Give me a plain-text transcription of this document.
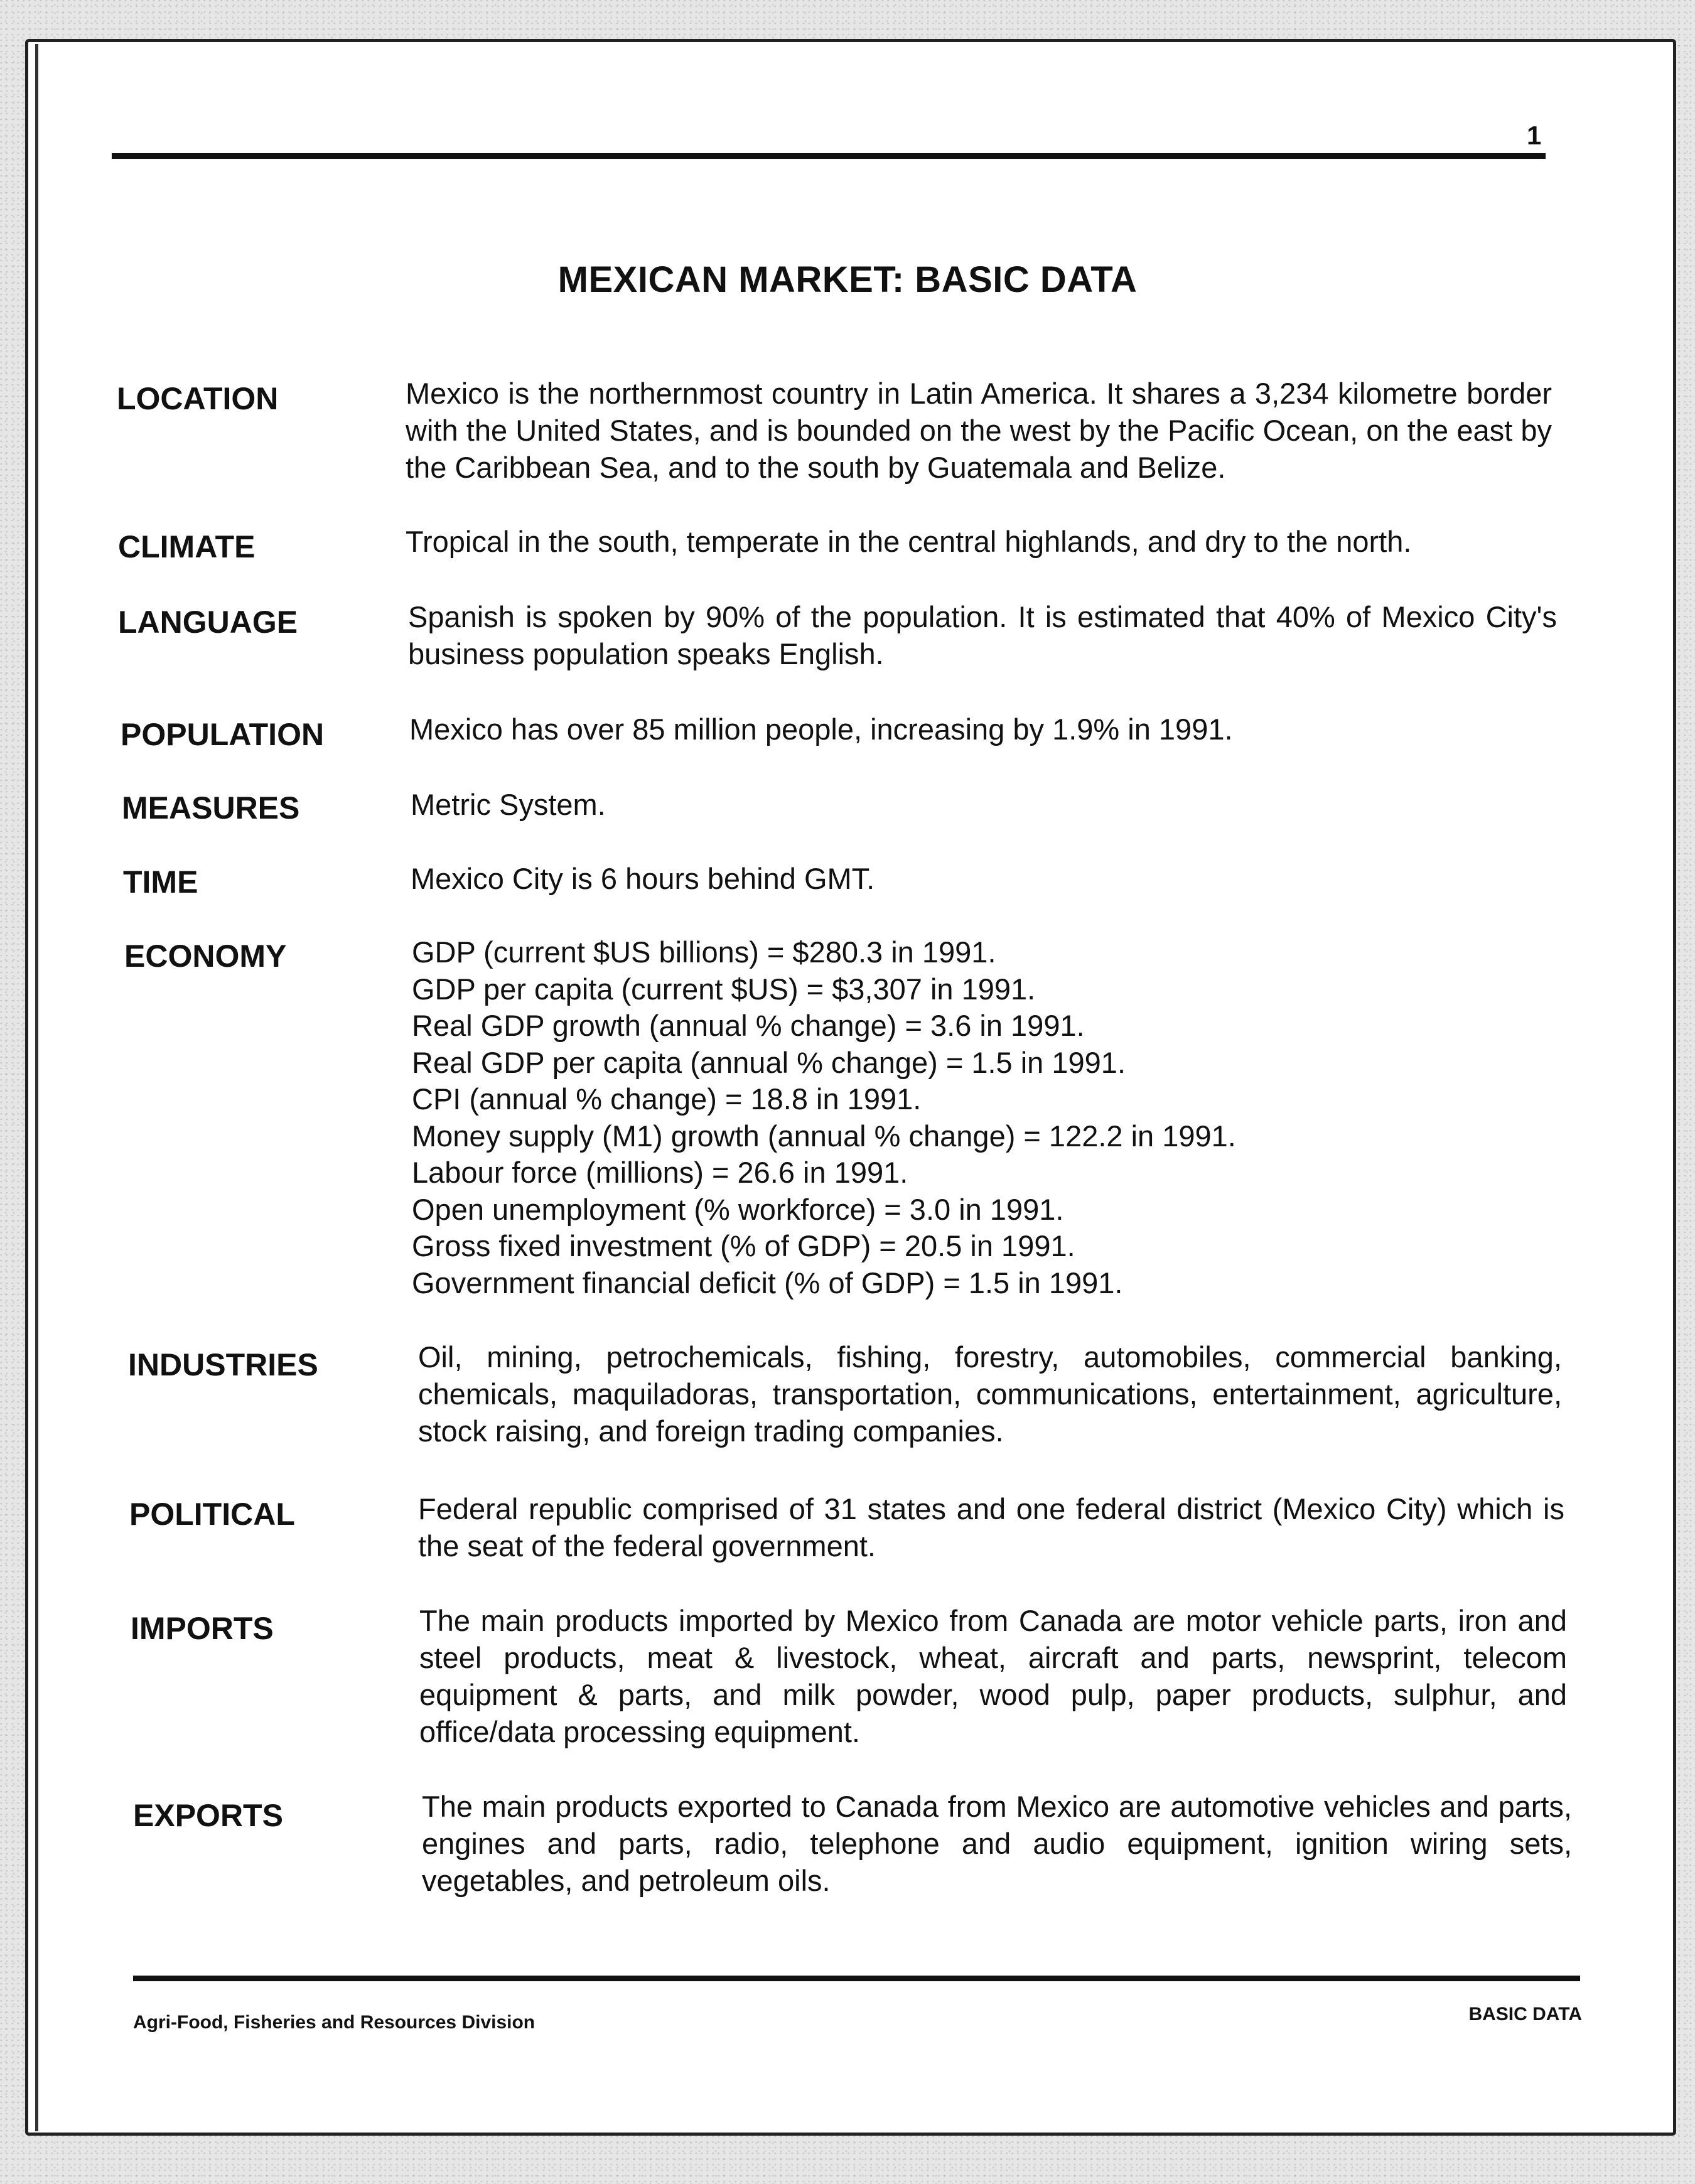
1
MEXICAN MARKET: BASIC DATA
LOCATION	Mexico is the northernmost country in Latin America. It shares a 3,234 kilometre border with the United States, and is bounded on the west by the Pacific Ocean, on the east by the Caribbean Sea, and to the south by Guatemala and Belize.
CLIMATE	Tropical in the south, temperate in the central highlands, and dry to the north.
LANGUAGE	Spanish is spoken by 90% of the population. It is estimated that 40% of Mexico City's business population speaks English.
POPULATION	Mexico has over 85 million people, increasing by 1.9% in 1991.
MEASURES	Metric System.
TIME	Mexico City is 6 hours behind GMT.
ECONOMY	GDP (current $US billions) = $280.3 in 1991.
GDP per capita (current $US) = $3,307 in 1991.
Real GDP growth (annual % change) = 3.6 in 1991.
Real GDP per capita (annual % change) = 1.5 in 1991.
CPI (annual % change) = 18.8 in 1991.
Money supply (M1) growth (annual % change) = 122.2 in 1991.
Labour force (millions) = 26.6 in 1991.
Open unemployment (% workforce) = 3.0 in 1991.
Gross fixed investment (% of GDP) = 20.5 in 1991.
Government financial deficit (% of GDP) = 1.5 in 1991.
INDUSTRIES	Oil, mining, petrochemicals, fishing, forestry, automobiles, commercial banking, chemicals, maquiladoras, transportation, communications, entertainment, agriculture, stock raising, and foreign trading companies.
POLITICAL	Federal republic comprised of 31 states and one federal district (Mexico City) which is the seat of the federal government.
IMPORTS	The main products imported by Mexico from Canada are motor vehicle parts, iron and steel products, meat & livestock, wheat, aircraft and parts, newsprint, telecom equipment & parts, and milk powder, wood pulp, paper products, sulphur, and office/data processing equipment.
EXPORTS	The main products exported to Canada from Mexico are automotive vehicles and parts, engines and parts, radio, telephone and audio equipment, ignition wiring sets, vegetables, and petroleum oils.
Agri-Food, Fisheries and Resources Division	BASIC DATA
